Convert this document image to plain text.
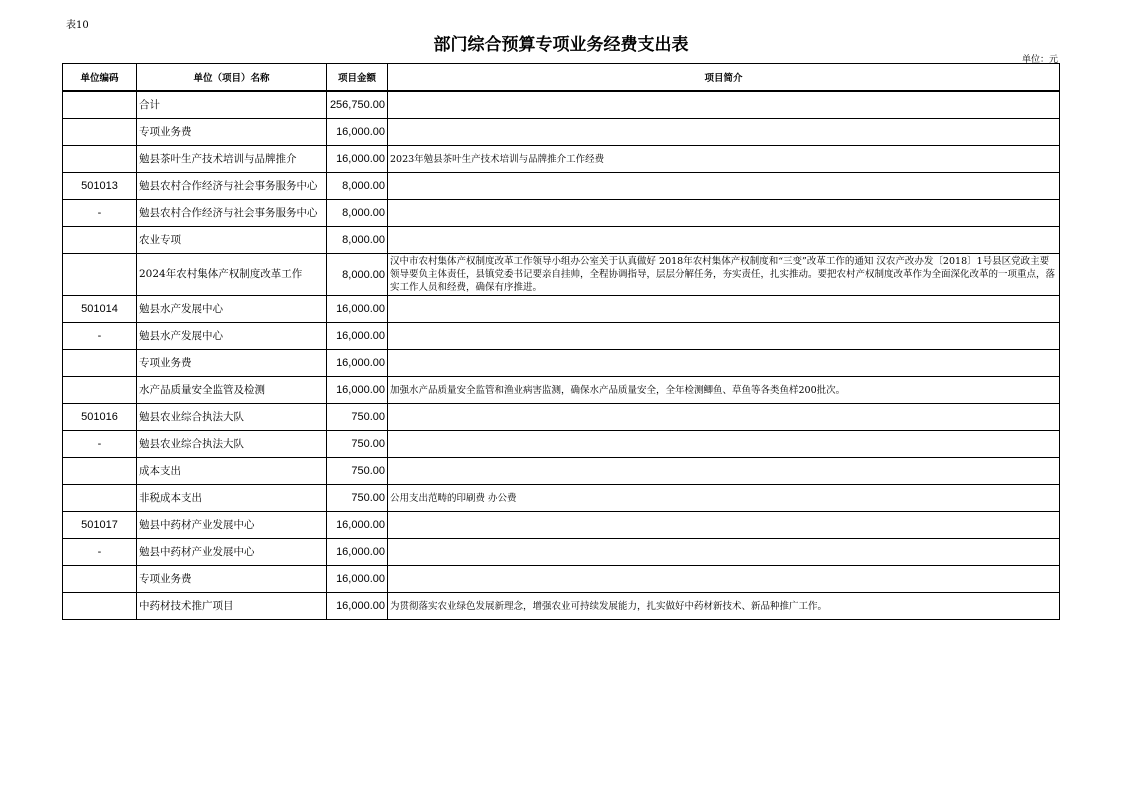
表10
部门综合预算专项业务经费支出表
单位：元
单位编码	单位（项目）名称	项目金额	项目简介
	合计	256,750.00	
	专项业务费	16,000.00	
	勉县茶叶生产技术培训与品牌推介	16,000.00	2023年勉县茶叶生产技术培训与品牌推介工作经费
501013	勉县农村合作经济与社会事务服务中心	8,000.00	
-	勉县农村合作经济与社会事务服务中心	8,000.00	
	农业专项	8,000.00	
	2024年农村集体产权制度改革工作	8,000.00	汉中市农村集体产权制度改革工作领导小组办公室关于认真做好 2018年农村集体产权制度和“三变”改革工作的通知 汉农产改办发〔2018〕1号县区党政主要领导要负主体责任，县镇党委书记要亲自挂帅，全程协调指导，层层分解任务，夯实责任，扎实推动。要把农村产权制度改革作为全面深化改革的一项重点，落实工作人员和经费，确保有序推进。
501014	勉县水产发展中心	16,000.00	
-	勉县水产发展中心	16,000.00	
	专项业务费	16,000.00	
	水产品质量安全监管及检测	16,000.00	加强水产品质量安全监管和渔业病害监测，确保水产品质量安全，全年检测鲫鱼、草鱼等各类鱼样200批次。
501016	勉县农业综合执法大队	750.00	
-	勉县农业综合执法大队	750.00	
	成本支出	750.00	
	非税成本支出	750.00	公用支出范畴的印刷费 办公费
501017	勉县中药材产业发展中心	16,000.00	
-	勉县中药材产业发展中心	16,000.00	
	专项业务费	16,000.00	
	中药材技术推广项目	16,000.00	为贯彻落实农业绿色发展新理念，增强农业可持续发展能力，扎实做好中药材新技术、新品种推广工作。
